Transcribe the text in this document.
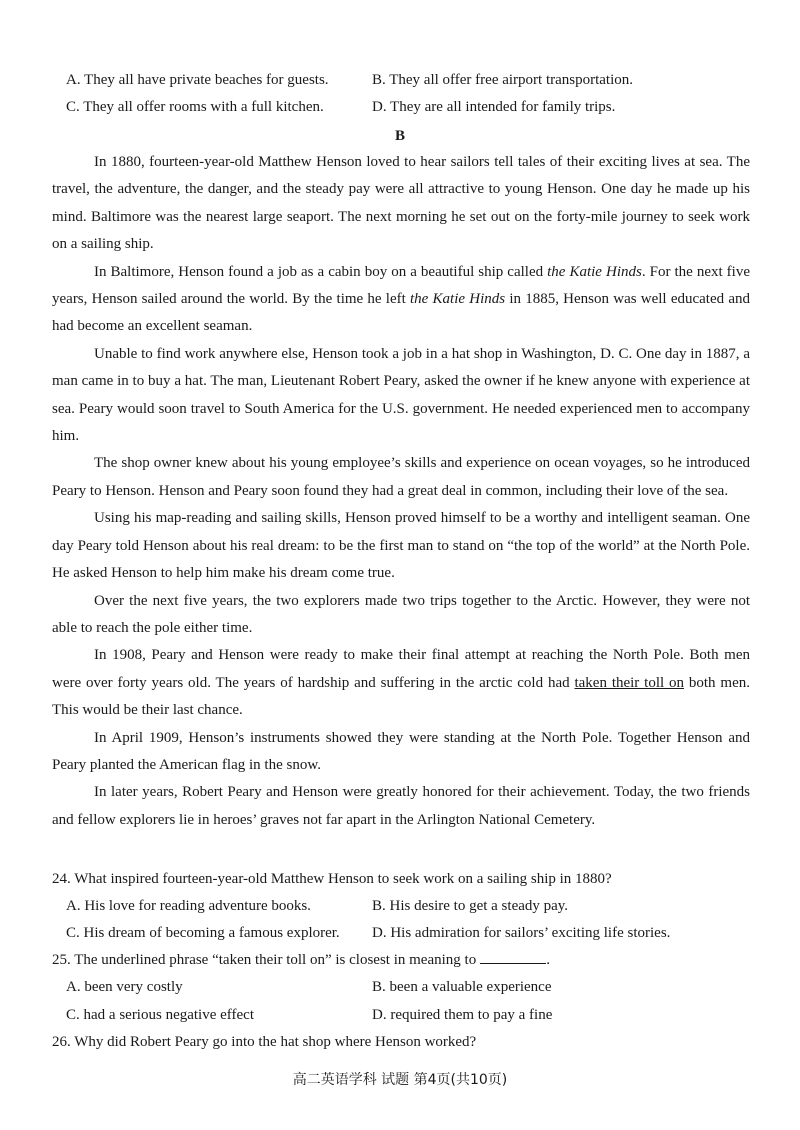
A. They all have private beaches for guests.	B. They all offer free airport transportation.
C. They all offer rooms with a full kitchen.	D. They are all intended for family trips.
B

In 1880, fourteen-year-old Matthew Henson loved to hear sailors tell tales of their exciting lives at sea. The travel, the adventure, the danger, and the steady pay were all attractive to young Henson. One day he made up his mind. Baltimore was the nearest large seaport. The next morning he set out on the forty-mile journey to seek work on a sailing ship.

In Baltimore, Henson found a job as a cabin boy on a beautiful ship called the Katie Hinds. For the next five years, Henson sailed around the world. By the time he left the Katie Hinds in 1885, Henson was well educated and had become an excellent seaman.

Unable to find work anywhere else, Henson took a job in a hat shop in Washington, D. C. One day in 1887, a man came in to buy a hat. The man, Lieutenant Robert Peary, asked the owner if he knew anyone with experience at sea. Peary would soon travel to South America for the U.S. government. He needed experienced men to accompany him.

The shop owner knew about his young employee’s skills and experience on ocean voyages, so he introduced Peary to Henson. Henson and Peary soon found they had a great deal in common, including their love of the sea.

Using his map-reading and sailing skills, Henson proved himself to be a worthy and intelligent seaman. One day Peary told Henson about his real dream: to be the first man to stand on “the top of the world” at the North Pole. He asked Henson to help him make his dream come true.

Over the next five years, the two explorers made two trips together to the Arctic. However, they were not able to reach the pole either time.

In 1908, Peary and Henson were ready to make their final attempt at reaching the North Pole. Both men were over forty years old. The years of hardship and suffering in the arctic cold had taken their toll on both men. This would be their last chance.

In April 1909, Henson’s instruments showed they were standing at the North Pole. Together Henson and Peary planted the American flag in the snow.

In later years, Robert Peary and Henson were greatly honored for their achievement. Today, the two friends and fellow explorers lie in heroes’ graves not far apart in the Arlington National Cemetery.

24. What inspired fourteen-year-old Matthew Henson to seek work on a sailing ship in 1880?
A. His love for reading adventure books.	B. His desire to get a steady pay.
C. His dream of becoming a famous explorer. D. His admiration for sailors’ exciting life stories.
25. The underlined phrase “taken their toll on” is closest in meaning to	.
A. been very costly	B. been a valuable experience
C. had a serious negative effect	D. required them to pay a fine
26. Why did Robert Peary go into the hat shop where Henson worked?
高二英语学科 试题 第4页(共10页)
